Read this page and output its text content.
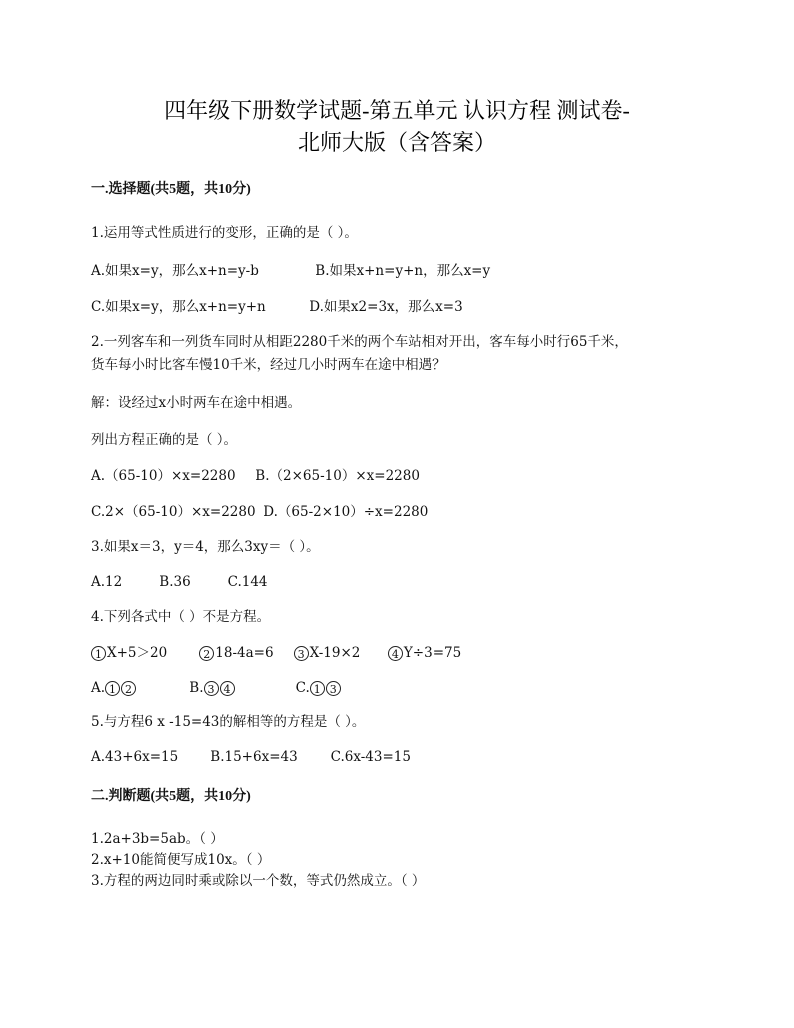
四年级下册数学试题-第五单元 认识方程 测试卷-
北师大版（含答案）
一.选择题(共5题，共10分)
1.运用等式性质进行的变形，正确的是（ ）。
A.如果x=y，那么x+n=y-b	B.如果x+n=y+n，那么x=y
C.如果x=y，那么x+n=y+n	D.如果x2=3x，那么x=3
2.一列客车和一列货车同时从相距2280千米的两个车站相对开出，客车每小时行65千米，
货车每小时比客车慢10千米，经过几小时两车在途中相遇？
解：设经过x小时两车在途中相遇。
列出方程正确的是（ ）。
A.（65-10）×x=2280 B.（2×65-10）×x=2280
C.2×（65-10）×x=2280 D.（65-2×10）÷x=2280
3.如果x＝3，y＝4，那么3xy＝（ ）。
A.12	B.36	C.144
4.下列各式中（ ）不是方程。
1 X+5＞20	2 18-4a=6 3 X-19×2	4 Y÷3=75
A. 1 2	B. 3 4	C. 1 3
5.与方程6 x -15=43的解相等的方程是（ ）。
A.43+6x=15 B.15+6x=43 C.6x-43=15
二.判断题(共5题，共10分)
1.2a+3b=5ab。（ ）
2.x+10能简便写成10x。（ ）
3.方程的两边同时乘或除以一个数，等式仍然成立。（ ）
